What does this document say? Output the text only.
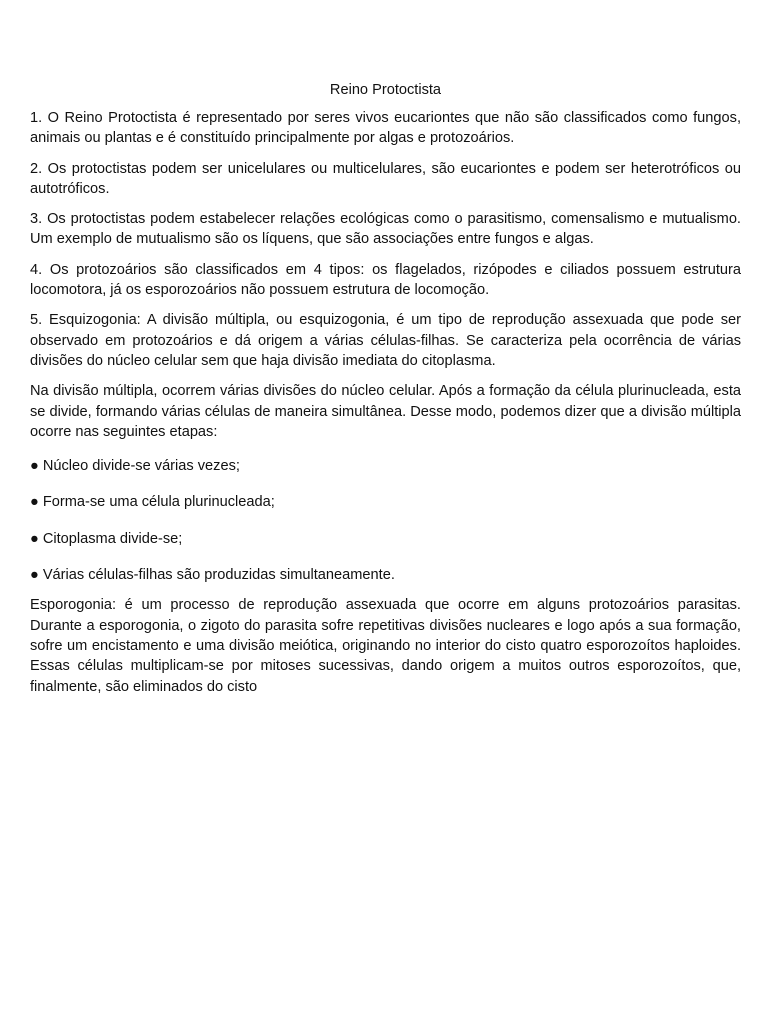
Reino Protoctista

1. O Reino Protoctista é representado por seres vivos eucariontes que não são classificados como fungos, animais ou plantas e é constituído principalmente por algas e protozoários.

2. Os protoctistas podem ser unicelulares ou multicelulares, são eucariontes e podem ser heterotróficos ou autotróficos.

3. Os protoctistas podem estabelecer relações ecológicas como o parasitismo, comensalismo e mutualismo. Um exemplo de mutualismo são os líquens, que são associações entre fungos e algas.

4. Os protozoários são classificados em 4 tipos: os flagelados, rizópodes e ciliados possuem estrutura locomotora, já os esporozoários não possuem estrutura de locomoção.

5. Esquizogonia: A divisão múltipla, ou esquizogonia, é um tipo de reprodução assexuada que pode ser observado em protozoários e dá origem a várias células-filhas. Se caracteriza pela ocorrência de várias divisões do núcleo celular sem que haja divisão imediata do citoplasma.

Na divisão múltipla, ocorrem várias divisões do núcleo celular. Após a formação da célula plurinucleada, esta se divide, formando várias células de maneira simultânea. Desse modo, podemos dizer que a divisão múltipla ocorre nas seguintes etapas:

● Núcleo divide-se várias vezes;
● Forma-se uma célula plurinucleada;
● Citoplasma divide-se;
● Várias células-filhas são produzidas simultaneamente.

Esporogonia: é um processo de reprodução assexuada que ocorre em alguns protozoários parasitas. Durante a esporogonia, o zigoto do parasita sofre repetitivas divisões nucleares e logo após a sua formação, sofre um encistamento e uma divisão meiótica, originando no interior do cisto quatro esporozoítos haploides. Essas células multiplicam-se por mitoses sucessivas, dando origem a muitos outros esporozoítos, que, finalmente, são eliminados do cisto
